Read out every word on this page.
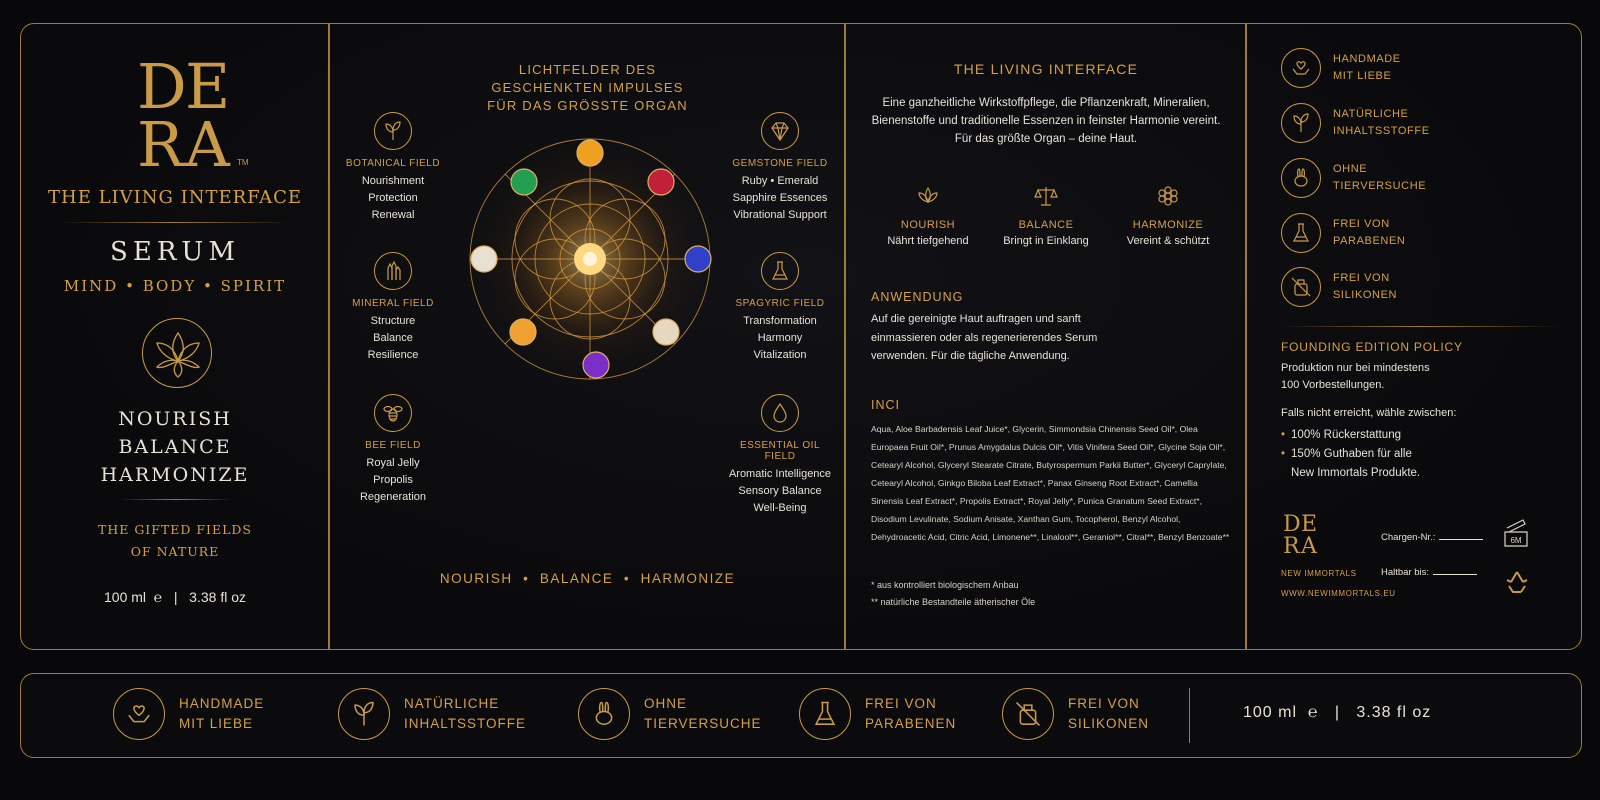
D
E
R A TM
THE LIVING INTERFACE
SERUM
MIND • BODY • SPIRIT
NOURISH
BALANCE
HARMONIZE
THE GIFTED FIELDS
OF NATURE
100 ml  ℮   |   3.38 fl oz
LICHTFELDER DES
GESCHENKTEN IMPULSES
FÜR DAS GRÖSSTE ORGAN
BOTANICAL FIELD
Nourishment
Protection
Renewal
MINERAL FIELD
Structure
Balance
Resilience
BEE FIELD
Royal Jelly
Propolis
Regeneration
GEMSTONE FIELD
Ruby • Emerald
Sapphire Essences
Vibrational Support
SPAGYRIC FIELD
Transformation
Harmony
Vitalization
ESSENTIAL OIL FIELD
Aromatic Intelligence
Sensory Balance
Well-Being
NOURISH  •  BALANCE  •  HARMONIZE
THE LIVING INTERFACE
Eine ganzheitliche Wirkstoffpflege, die Pflanzenkraft, Mineralien, Bienenstoffe und traditionelle Essenzen in feinster Harmonie vereint. Für das größte Organ – deine Haut.
NOURISH
Nährt tiefgehend
BALANCE
Bringt in Einklang
HARMONIZE
Vereint & schützt
ANWENDUNG
Auf die gereinigte Haut auftragen und sanft einmassieren oder als regenerierendes Serum verwenden. Für die tägliche Anwendung.
INCI
Aqua, Aloe Barbadensis Leaf Juice*, Glycerin, Simmondsia Chinensis Seed Oil*, Olea Europaea Fruit Oil*, Prunus Amygdalus Dulcis Oil*, Vitis Vinifera Seed Oil*, Glycine Soja Oil*, Cetearyl Alcohol, Glyceryl Stearate Citrate, Butyrospermum Parkii Butter*, Glyceryl Caprylate, Cetearyl Alcohol, Ginkgo Biloba Leaf Extract*, Panax Ginseng Root Extract*, Camellia Sinensis Leaf Extract*, Propolis Extract*, Royal Jelly*, Punica Granatum Seed Extract*, Disodium Levulinate, Sodium Anisate, Xanthan Gum, Tocopherol, Benzyl Alcohol, Dehydroacetic Acid, Citric Acid, Limonene**, Linalool**, Geraniol**, Citral**, Benzyl Benzoate**
* aus kontrolliert biologischem Anbau
** natürliche Bestandteile ätherischer Öle
HANDMADE
MIT LIEBE
NATÜRLICHE
INHALTSSTOFFE
OHNE
TIERVERSUCHE
FREI VON
PARABENEN
FREI VON
SILIKONEN
FOUNDING EDITION POLICY
Produktion nur bei mindestens
100 Vorbestellungen.
Falls nicht erreicht, wähle zwischen:
• 100% Rückerstattung
• 150% Guthaben für alle
New Immortals Produkte.
D E
R A
NEW IMMORTALS
WWW.NEWIMMORTALS.EU
Chargen-Nr.:
Haltbar bis:
6M
HANDMADE
MIT LIEBE
NATÜRLICHE
INHALTSSTOFFE
OHNE
TIERVERSUCHE
FREI VON
PARABENEN
FREI VON
SILIKONEN
100 ml  ℮   |   3.38 fl oz
